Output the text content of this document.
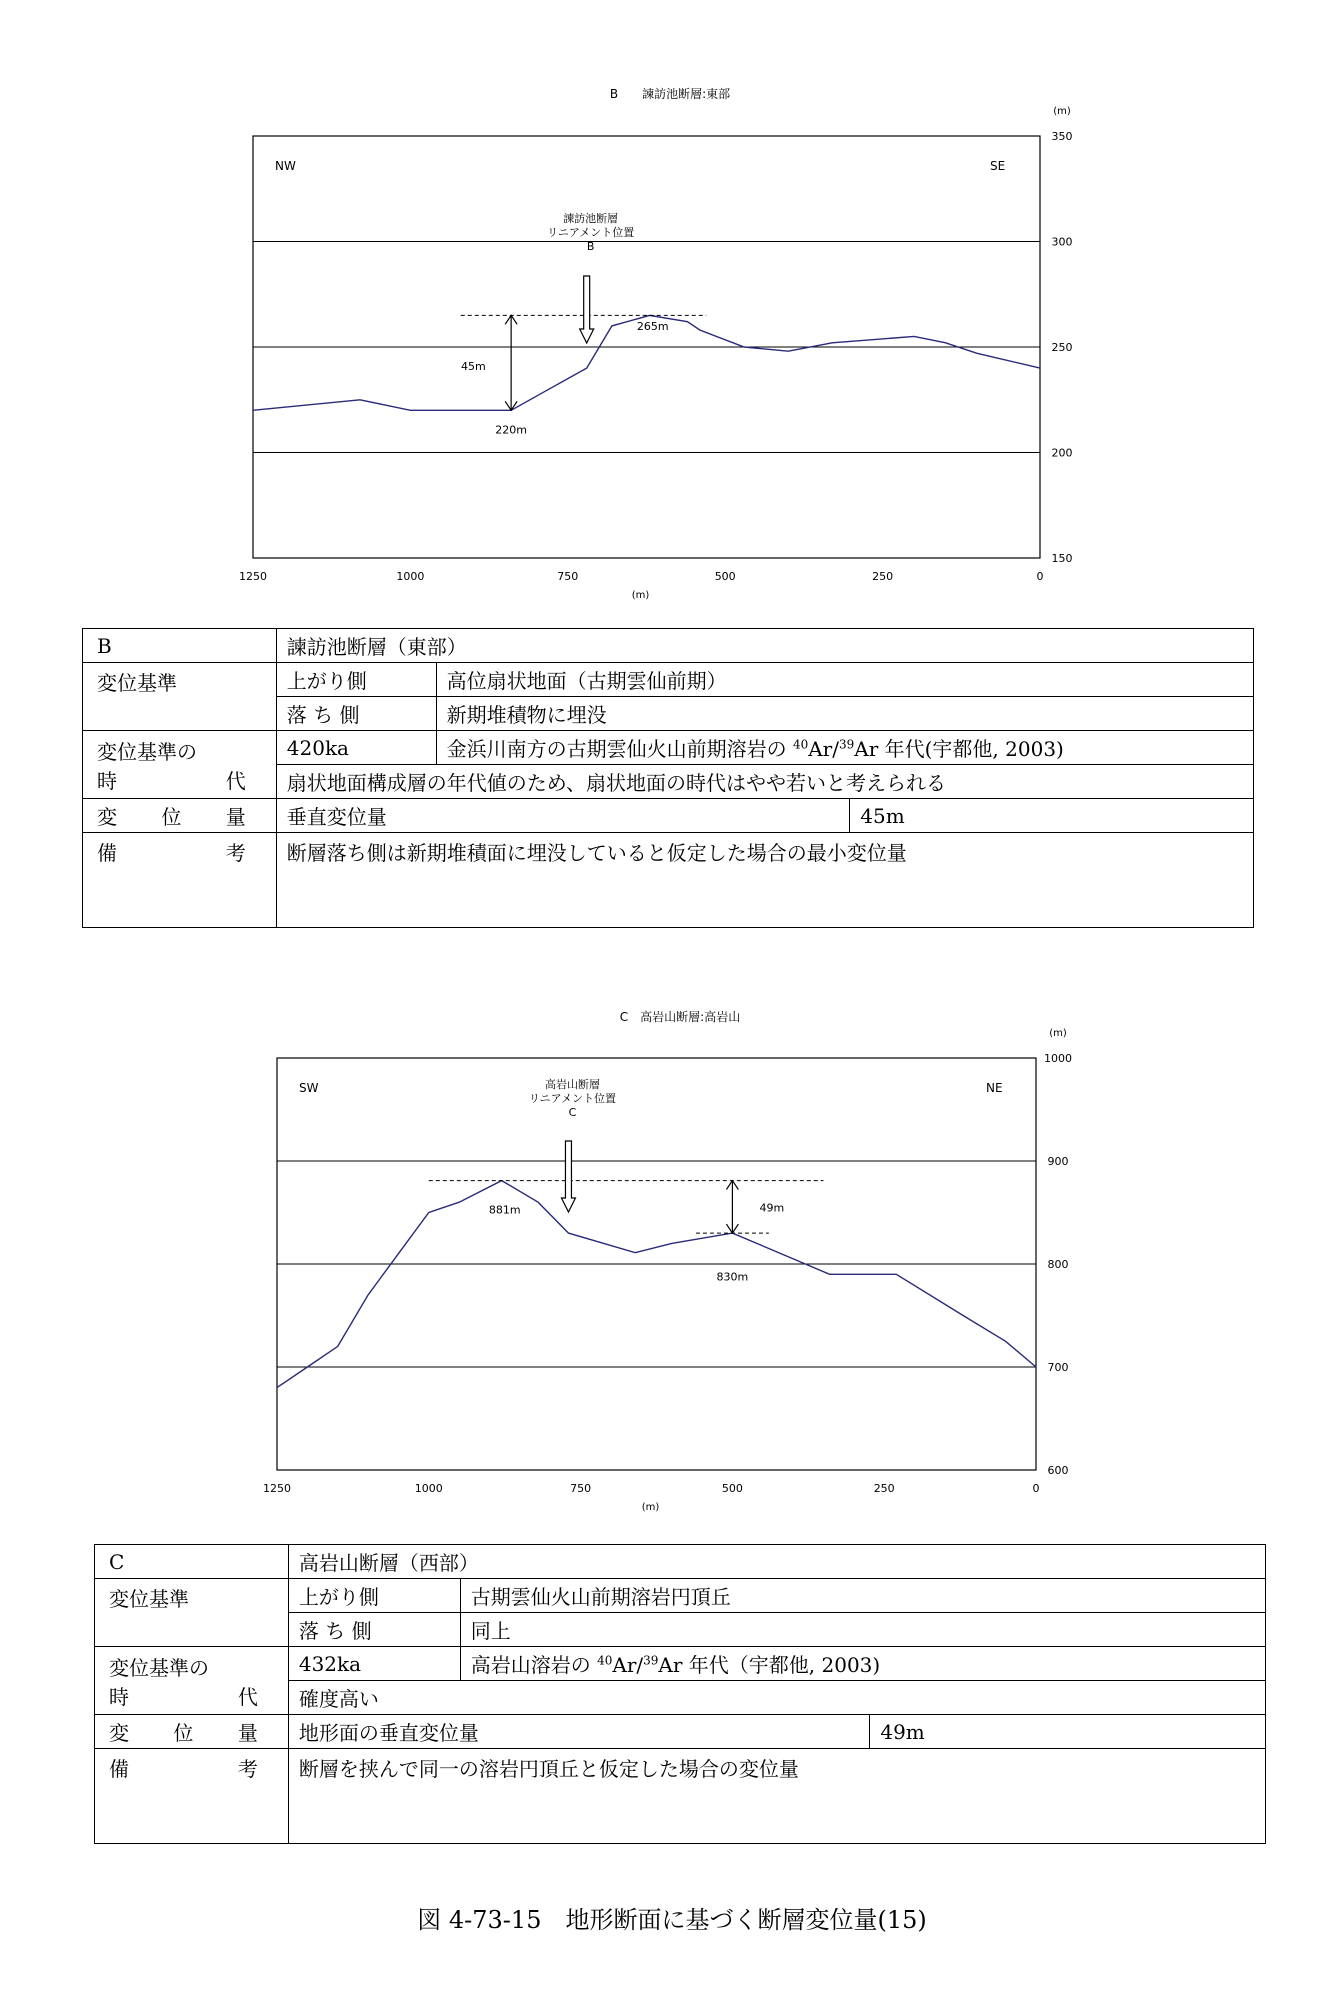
B　　諫訪池断層:東部
(m)
(m)
150
200
250
300
350
1250	1000	750	500	250	0
NW	SE
諫訪池断層
リニアメント位置
B
45m
265m
220m
B	諫訪池断層（東部）		
変位基準	上がり側	高位扇状地面（古期雲仙前期）	
	落 ち 側	新期堆積物に埋没	

変位基準の
時 代	420ka	金浜川南方の古期雲仙火山前期溶岩の $^{40}$Ar/$^{39}$Ar 年代(宇都他, 2003)	
	扇状地面構成層の年代値のため、扇状地面の時代はやや若いと考えられる		

変 位 量	垂直変位量		45m

備 考	断層落ち側は新期堆積面に埋没していると仮定した場合の最小変位量		
C　高岩山断層:高岩山
(m)
(m)
600
700
800
900
1000
1250	1000	750	500	250	0
SW	NE
高岩山断層
リニアメント位置
C
49m
881m
830m
C	高岩山断層（西部）		
変位基準	上がり側	古期雲仙火山前期溶岩円頂丘	
	落 ち 側	同上	

変位基準の
時 代	432ka	高岩山溶岩の $^{40}$Ar/$^{39}$Ar 年代（宇都他, 2003)	
	確度高い		

変 位 量	地形面の垂直変位量		49m

備 考	断層を挟んで同一の溶岩円頂丘と仮定した場合の変位量		
図 4-73-15　地形断面に基づく断層変位量(15)
